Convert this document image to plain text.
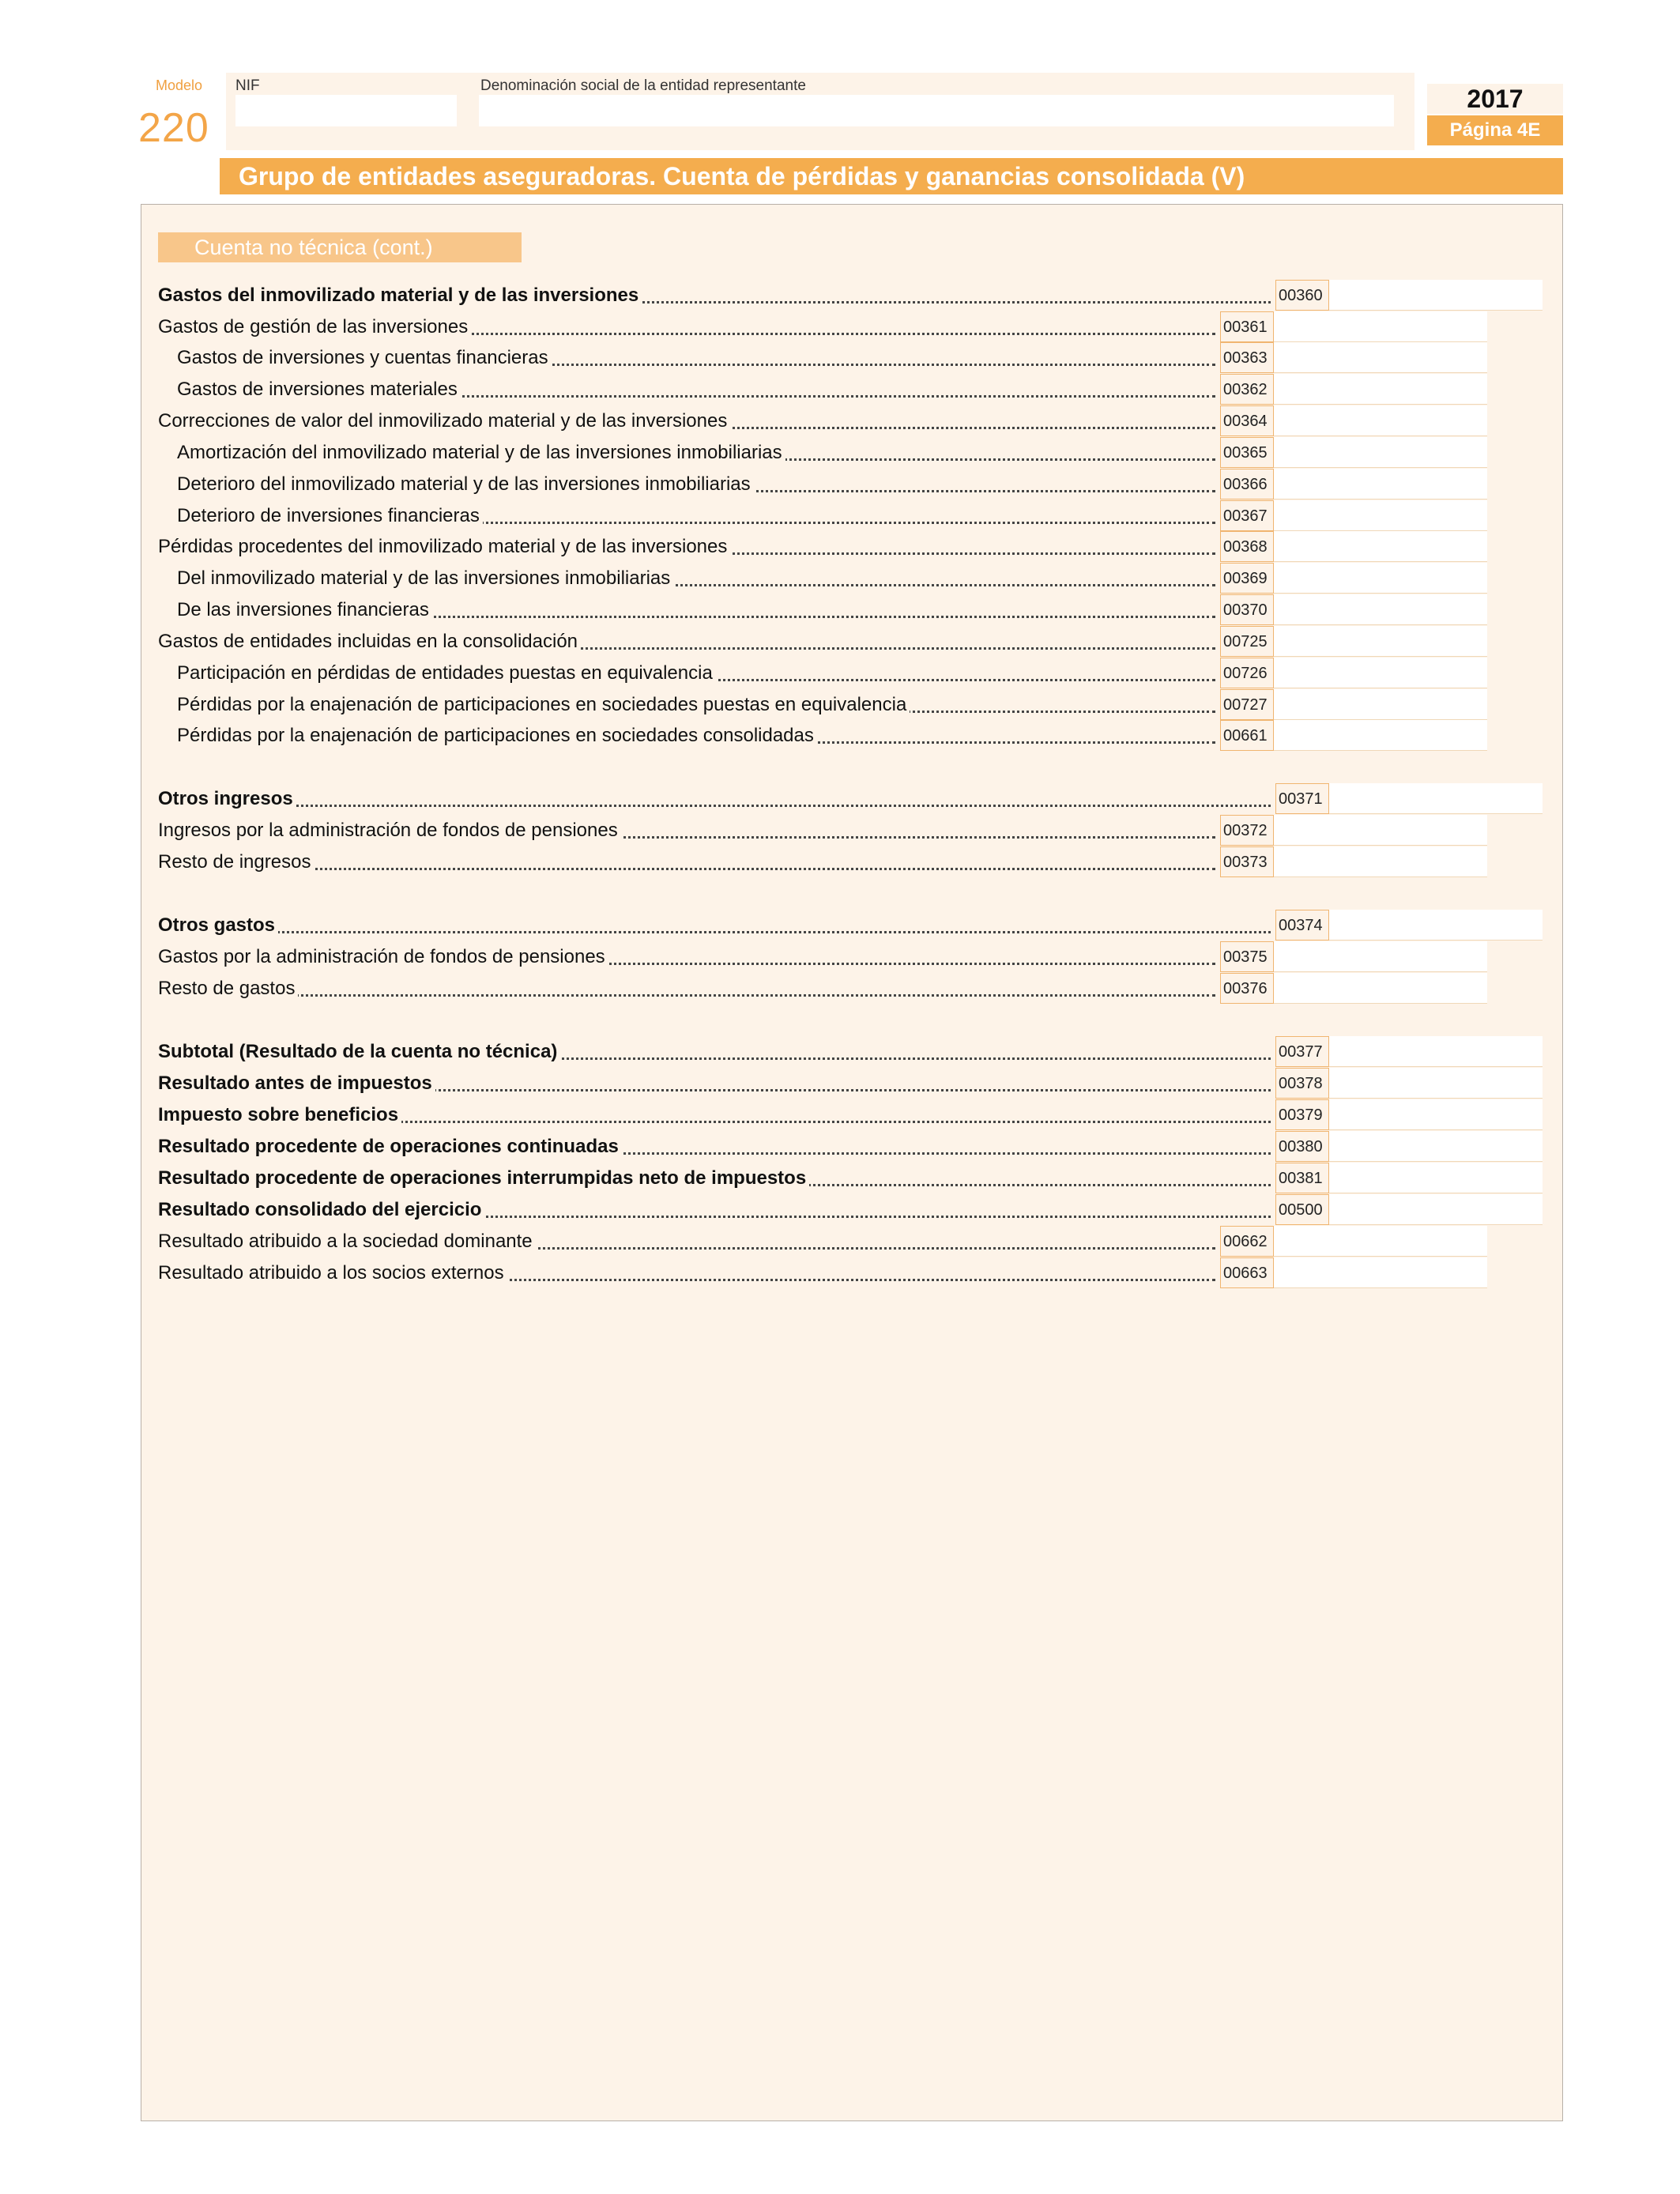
Modelo
220
NIF	Denominación social de la entidad representante	2017
Página 4E
Grupo de entidades aseguradoras. Cuenta de pérdidas y ganancias consolidada (V)
Cuenta no técnica (cont.)
Gastos del inmovilizado material y de las inversiones	00360
Gastos de gestión de las inversiones	00361
Gastos de inversiones y cuentas financieras	00363
Gastos de inversiones materiales	00362
Correcciones de valor del inmovilizado material y de las inversiones	00364
Amortización del inmovilizado material y de las inversiones inmobiliarias	00365
Deterioro del inmovilizado material y de las inversiones inmobiliarias	00366
Deterioro de inversiones financieras	00367
Pérdidas procedentes del inmovilizado material y de las inversiones	00368
Del inmovilizado material y de las inversiones inmobiliarias	00369
De las inversiones financieras	00370
Gastos de entidades incluidas en la consolidación	00725
Participación en pérdidas de entidades puestas en equivalencia	00726
Pérdidas por la enajenación de participaciones en sociedades puestas en equivalencia	00727
Pérdidas por la enajenación de participaciones en sociedades consolidadas	00661
Otros ingresos	00371
Ingresos por la administración de fondos de pensiones	00372
Resto de ingresos	00373
Otros gastos	00374
Gastos por la administración de fondos de pensiones	00375
Resto de gastos	00376
Subtotal (Resultado de la cuenta no técnica)	00377
Resultado antes de impuestos	00378
Impuesto sobre beneficios	00379
Resultado procedente de operaciones continuadas	00380
Resultado procedente de operaciones interrumpidas neto de impuestos	00381
Resultado consolidado del ejercicio	00500
Resultado atribuido a la sociedad dominante	00662
Resultado atribuido a los socios externos	00663
